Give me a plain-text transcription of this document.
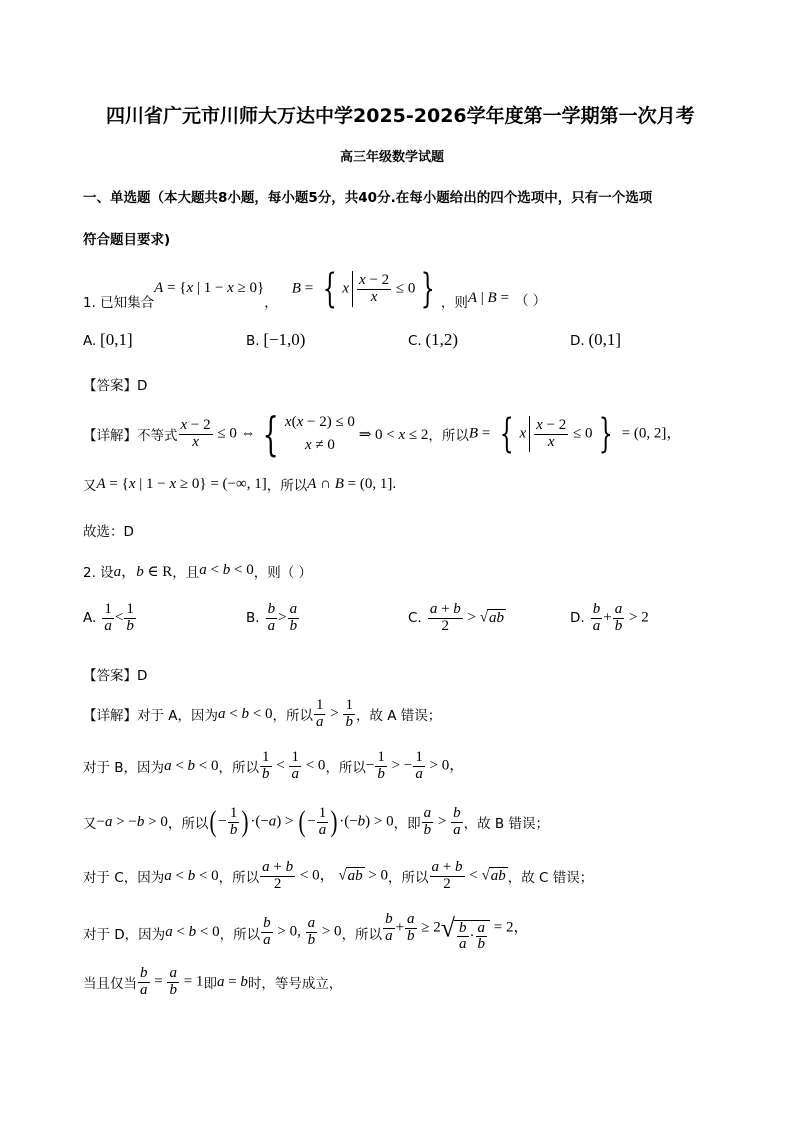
四川省广元市川师大万达中学2025-2026学年度第一学期第一次月考
高三年级数学试题
一、单选题（本大题共8小题，每小题5分，共40分.在每小题给出的四个选项中，只有一个选项
符合题目要求)
1. 已知集合
A = {x | 1 − x ≥ 0}
，
B = { x $\frac{x - 2}{x} \le 0$ } ，则 A | B = （ ）
A. [0,1]	B. [−1,0)	C. (1,2)	D. (0,1]
【答案】D
【详解】不等式 $\frac{x - 2}{x} \le 0$ ⇔ { x(x − 2) ≤ 0
x ≠ 0
⇒ 0 < x ≤ 2 ，所以 B = { x $\frac{x - 2}{x} \le 0$ } = (0, 2]，
又 A = {x | 1 − x ≥ 0} = (−∞, 1] ，所以 A ∩ B = (0, 1].
故选：D
2. 设 a，b ∈ R ，且 a < b < 0 ，则（ ）
A.
$\frac{1}{a} < \frac{1}{b}$	B.
$\frac{b}{a} > \frac{a}{b}$	C.
$\frac{a + b}{2} > √ab$	D.
$\frac{b}{a} + \frac{a}{b} > 2$
【答案】D
【详解】对于 A，因为 a < b < 0 ，所以 $\frac{1}{a} > \frac{1}{b}$ ，故 A 错误；
对于 B，因为 a < b < 0 ，所以 $\frac{1}{b} < \frac{1}{a} < 0$ ，所以 − $\frac{1}{b}$ > − $\frac{1}{a} > 0$，
又 −a > −b > 0 ，所以 ( − $\frac{1}{b}$ ) ·(−a) > ( − $\frac{1}{a}$ ) ·(−b) > 0 ，即 $\frac{a}{b} > \frac{b}{a}$ ，故 B 错误；
对于 C，因为 a < b < 0 ，所以 $\frac{a + b}{2} < 0$， √ab > 0 ，所以 $\frac{a + b}{2} < √ab$ ，故 C 错误；
对于 D，因为 a < b < 0 ，所以 $\frac{b}{a} > 0$, $\frac{a}{b} > 0$ ，所以 $\frac{b}{a} + \frac{a}{b} \ge 2√ \frac{b}{a} \cdot \frac{a}{b} = 2$，
当且仅当 $\frac{b}{a} = \frac{a}{b} = 1$ 即 a = b 时，等号成立，
